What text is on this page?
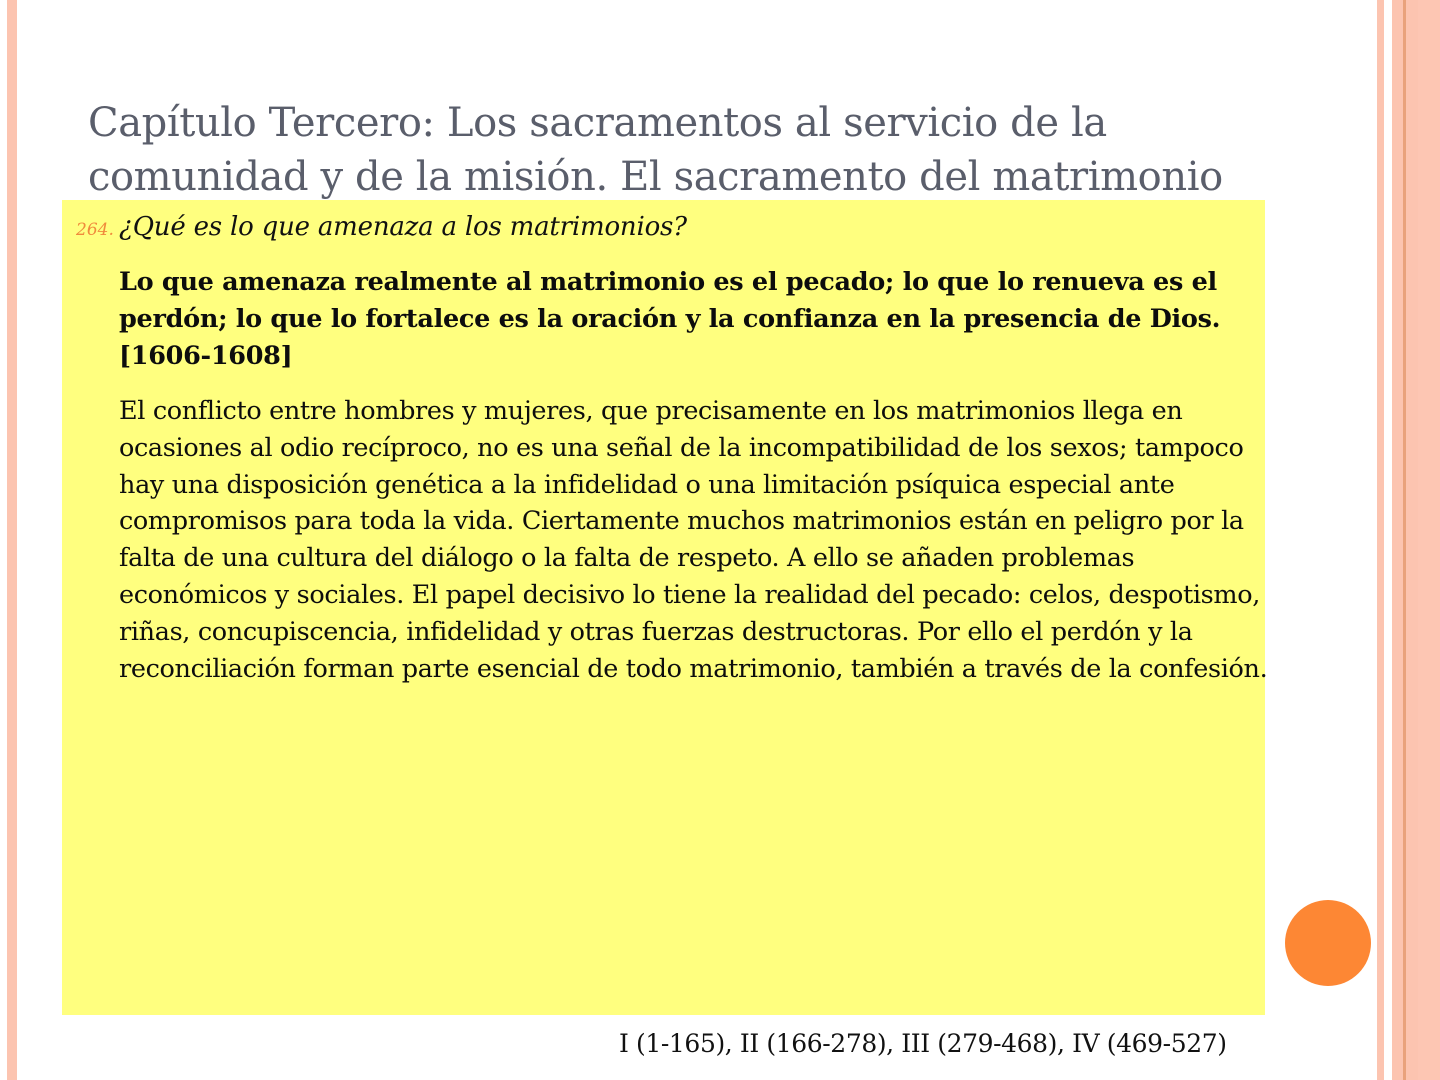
Capítulo Tercero: Los sacramentos al servicio de la comunidad y de la misión. El sacramento del matrimonio
264. ¿Qué es lo que amenaza a los matrimonios?

Lo que amenaza realmente al matrimonio es el pecado; lo que lo renueva es el perdón; lo que lo fortalece es la oración y la confianza en la presencia de Dios. [1606-1608]

El conflicto entre hombres y mujeres, que precisamente en los matrimonios llega en ocasiones al odio recíproco, no es una señal de la incompatibilidad de los sexos; tampoco hay una disposición genética a la infidelidad o una limitación psíquica especial ante compromisos para toda la vida. Ciertamente muchos matrimonios están en peligro por la falta de una cultura del diálogo o la falta de respeto. A ello se añaden problemas económicos y sociales. El papel decisivo lo tiene la realidad del pecado: celos, despotismo, riñas, concupiscencia, infidelidad y otras fuerzas destructoras. Por ello el perdón y la reconciliación forman parte esencial de todo matrimonio, también a través de la confesión.

I (1-165), II (166-278), III (279-468), IV (469-527)
